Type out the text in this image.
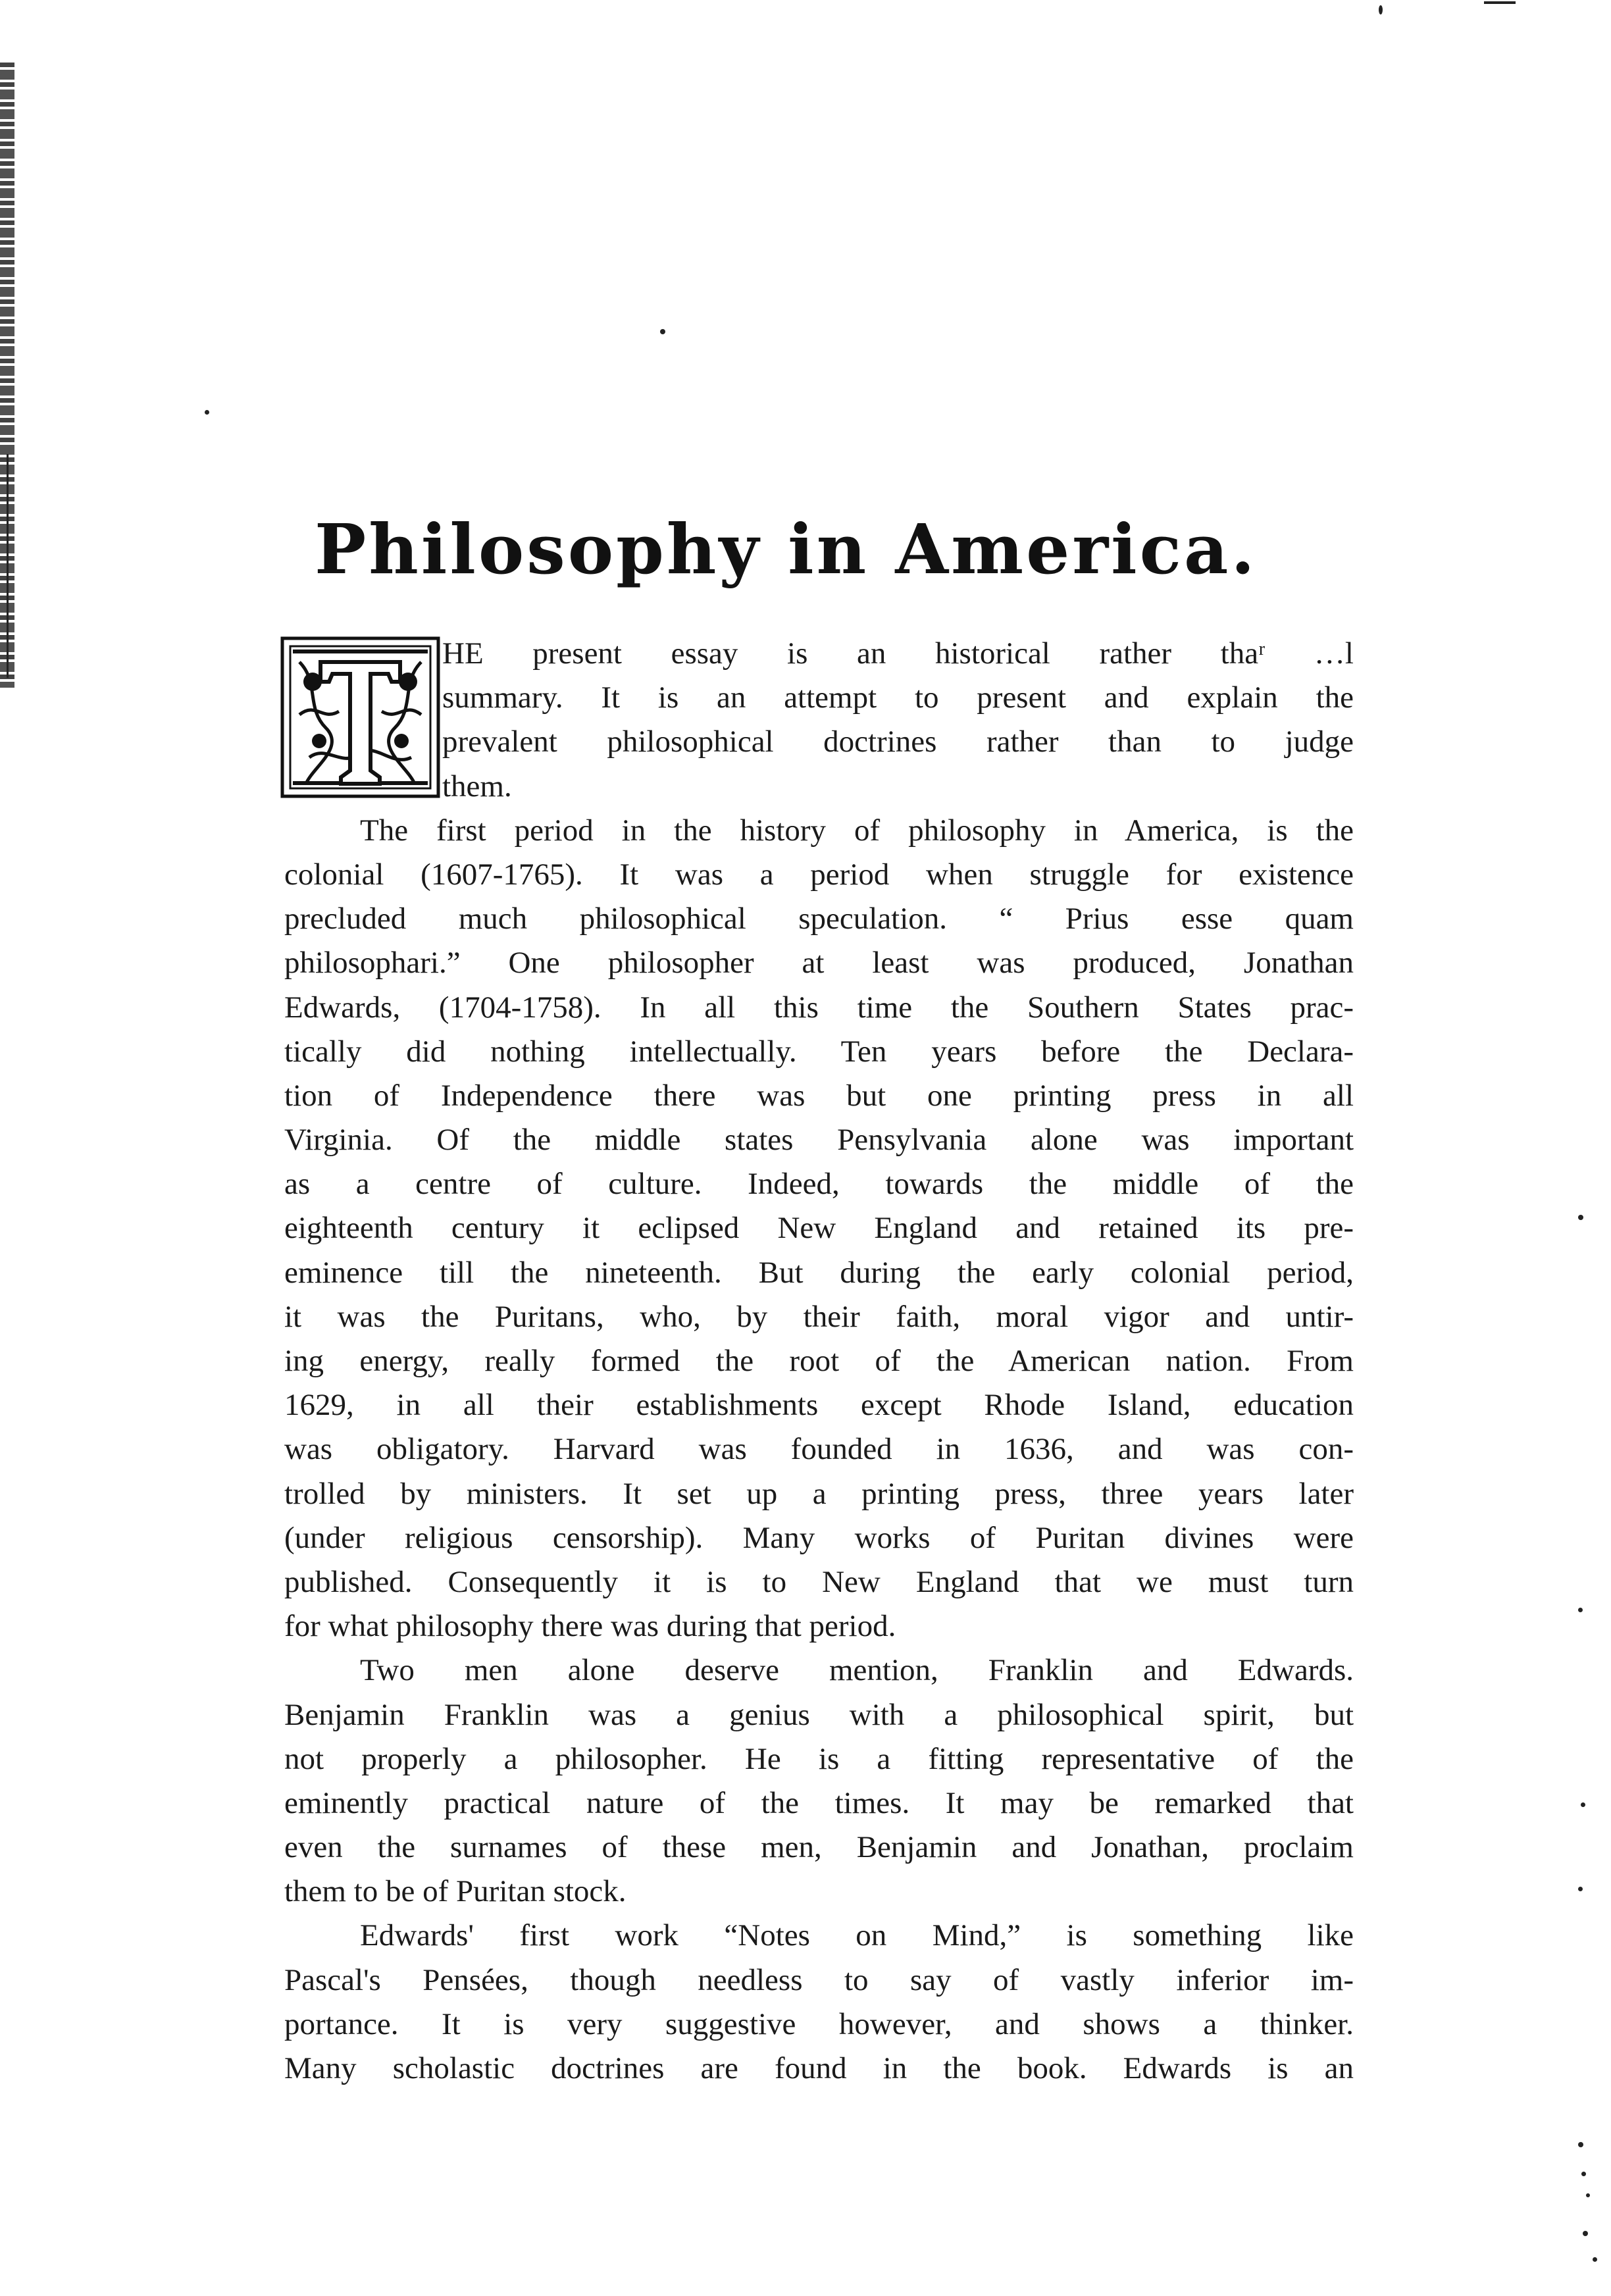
Philosophy in America.
HE present essay is an historical rather thaʳ …l
summary. It is an attempt to present and explain the
prevalent philosophical doctrines rather than to judge
them.
The first period in the history of philosophy in America, is the
colonial (1607-1765). It was a period when struggle for existence
precluded much philosophical speculation. “ Prius esse quam
philosophari.” One philosopher at least was produced, Jonathan
Edwards, (1704-1758). In all this time the Southern States prac-
tically did nothing intellectually. Ten years before the Deсlara-
tion of Independence there was but one printing press in all
Virginia. Of the middle states Pensylvania alone was important
as a centre of culture. Indeed, towards the middle of the
eighteenth century it eclipsed New England and retained its pre-
eminence till the nineteenth. But during the early colonial period,
it was the Puritans, who, by their faith, moral vigor and untir-
ing energy, really formed the root of the American nation. From
1629, in all their establishments except Rhode Island, education
was obligatory. Harvard was founded in 1636, and was con-
trolled by ministers. It set up a printing press, three years later
(under religious censorship). Many works of Puritan divines were
published. Consequently it is to New England that we must turn
for what philosophy there was during that period.
Two men alone deserve mention, Franklin and Edwards.
Benjamin Franklin was a genius with a philosophical spirit, but
not properly a philosopher. He is a fitting representative of the
eminently practical nature of the times. It may be remarked that
even the surnames of these men, Benjamin and Jonathan, proclaim
them to be of Puritan stock.
Edwards' first work “Notes on Mind,” is something like
Pascal's Pensées, though needless to say of vastly inferior im-
portance. It is very suggestive however, and shows a thinker.
Many scholastic doctrines are found in the book. Edwards is an
